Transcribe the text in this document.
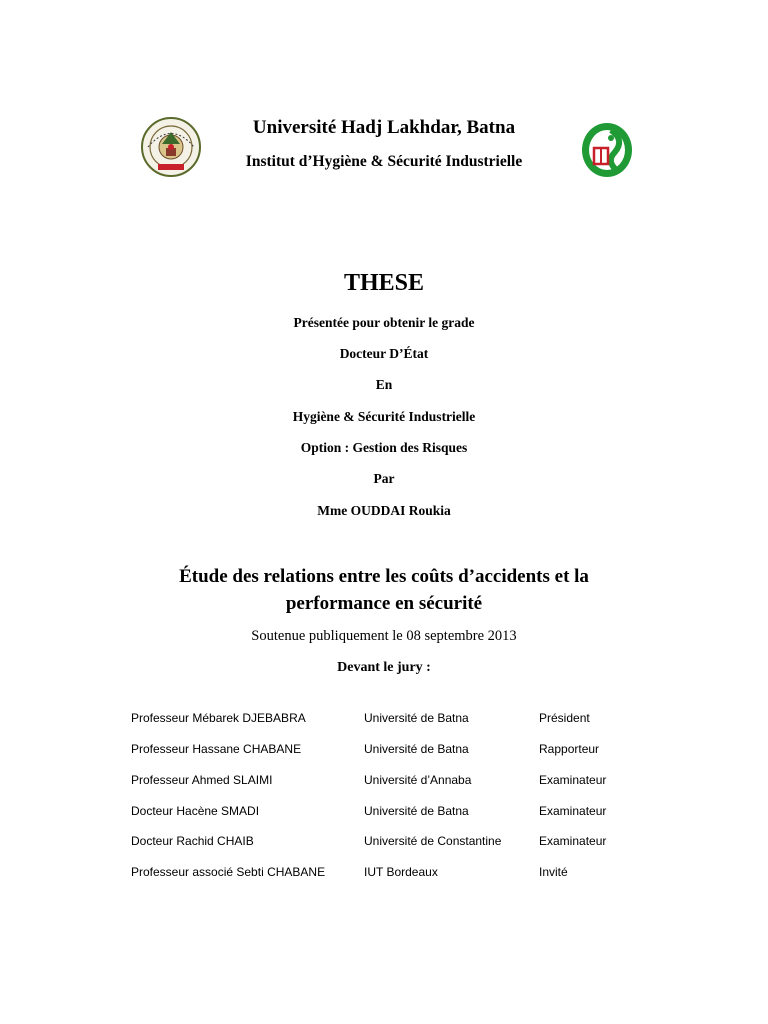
Université Hadj Lakhdar, Batna
Institut d’Hygiène & Sécurité Industrielle
THESE
Présentée pour obtenir le grade
Docteur D’État
En
Hygiène & Sécurité Industrielle
Option : Gestion des Risques
Par
Mme OUDDAI Roukia
Étude des relations entre les coûts d’accidents et la
performance en sécurité
Soutenue publiquement le 08 septembre 2013
Devant le jury :
Professeur Mébarek DJEBABRA	Université de Batna	Président
Professeur Hassane CHABANE	Université de Batna	Rapporteur
Professeur Ahmed SLAIMI	Université d’Annaba	Examinateur
Docteur Hacène SMADI	Université de Batna	Examinateur
Docteur Rachid CHAIB	Université de Constantine	Examinateur
Professeur associé Sebti CHABANE	IUT Bordeaux	Invité
